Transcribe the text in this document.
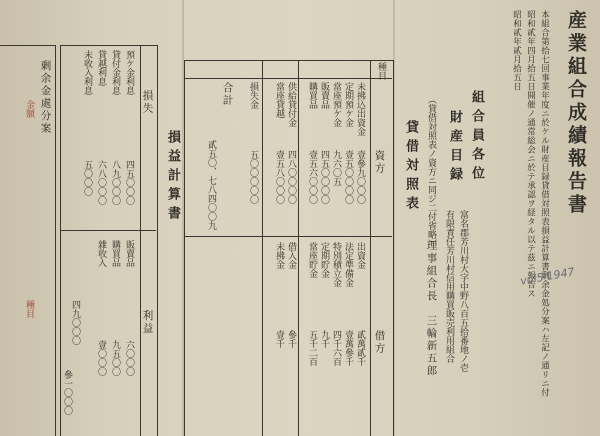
産業組合成績報告書
本組合第拾七回事業年度ニ於ケル財産目録貸借対照表損益計算書剰余金処分案ハ左記ノ通リニ付
昭和貳年四月拾五日開催ノ通常総会ニ於テ承認ヲ経タル以テ茲ニ報告ス
昭和貳年貳月拾五日
富名郡芳川村大字中野八百五拾番地ノ壱
有限責任芳川村信用購買販売利用組合
理事組合長　三輪新五郎	vol5 1947
組合員各位
財産目録
（貸借対照表ノ資方ニ同ジ二付省略）
貸借対照表
種目
資方
借方
未拂込出資金
定期預ケ金
當座預ケ金
販賣品
購買品
供給貸付金
當座貸越
損失金
壹參九〇〇〇
壹五〇〇〇〇
九六〇五
四五〇〇〇〇
壹五六〇〇〇
四八〇〇〇〇
壹五八〇〇〇
五〇〇〇〇〇
出資金
法定準備金
特別積立金
定期貯金
當座貯金
借入金
未拂金
貳萬貳千
壹萬參千
四千六百
九千
五千二百
參千
壹千
合計
貳五〇、七八四〇〇九
損益計算書
損失
利益
預ケ金利息
貸付金利息
貸越利息
未收入利息
四五〇〇〇
八九〇〇〇
六八〇〇〇
五〇〇〇
販賣品
購買品
雜收入
六〇〇〇
九五〇〇
壹〇〇〇
四九〇〇〇
參一〇〇〇
剰余金處分案
金額
種目
